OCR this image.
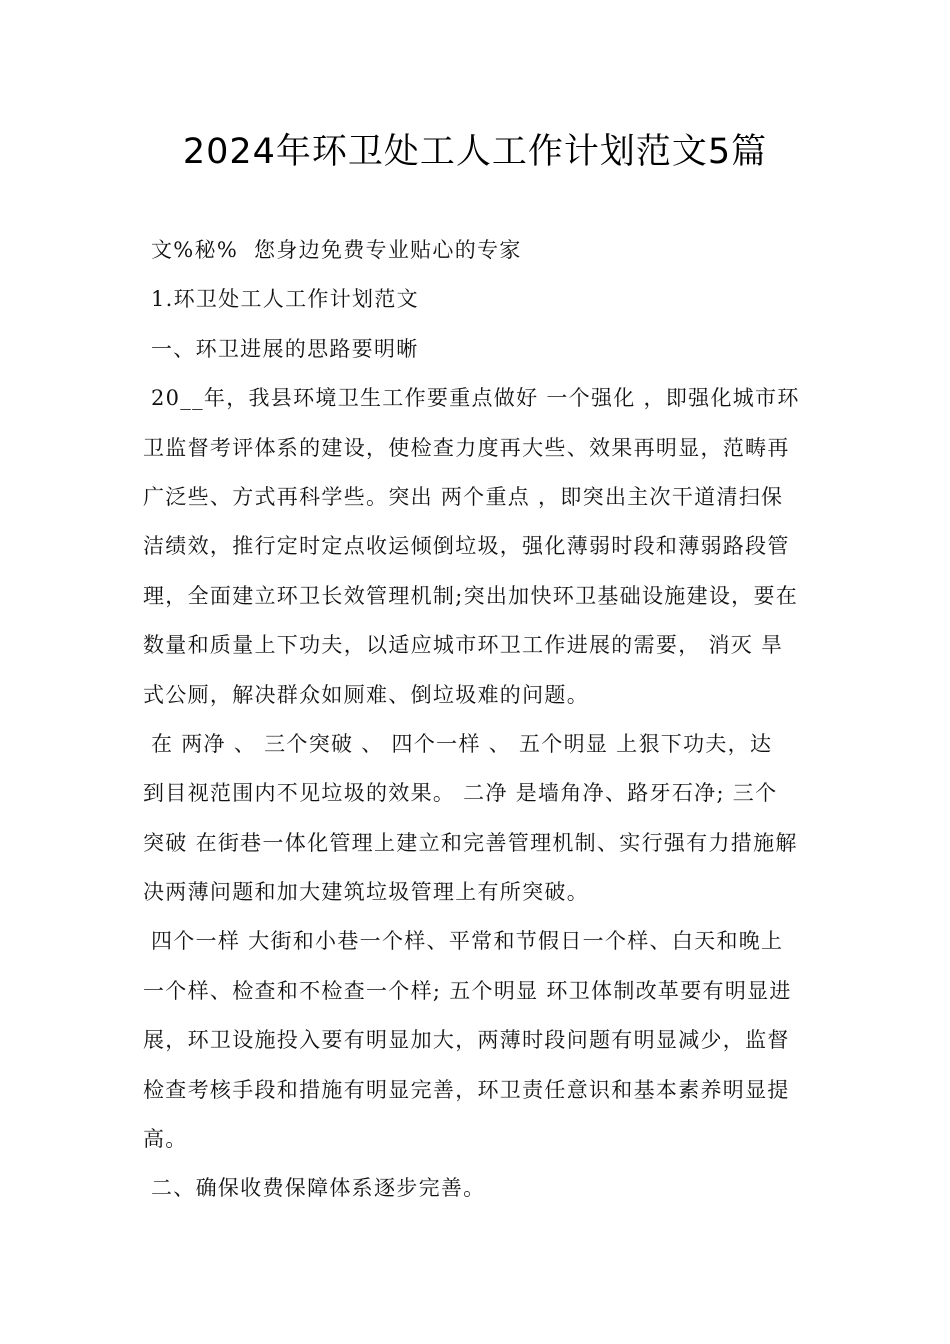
2024年环卫处工人工作计划范文5篇
文%秘%  您身边免费专业贴心的专家
1.环卫处工人工作计划范文
一、环卫进展的思路要明晰
20__年，我县环境卫生工作要重点做好 一个强化 ，即强化城市环
卫监督考评体系的建设，使检查力度再大些、效果再明显，范畴再
广泛些、方式再科学些。突出 两个重点 ，即突出主次干道清扫保
洁绩效，推行定时定点收运倾倒垃圾，强化薄弱时段和薄弱路段管
理，全面建立环卫长效管理机制;突出加快环卫基础设施建设，要在
数量和质量上下功夫，以适应城市环卫工作进展的需要， 消灭 旱
式公厕，解决群众如厕难、倒垃圾难的问题。
在 两净 、 三个突破 、 四个一样 、 五个明显 上狠下功夫，达
到目视范围内不见垃圾的效果。 二净 是墙角净、路牙石净; 三个
突破 在街巷一体化管理上建立和完善管理机制、实行强有力措施解
决两薄问题和加大建筑垃圾管理上有所突破。
四个一样 大街和小巷一个样、平常和节假日一个样、白天和晚上
一个样、检查和不检查一个样; 五个明显 环卫体制改革要有明显进
展，环卫设施投入要有明显加大，两薄时段问题有明显减少，监督
检查考核手段和措施有明显完善，环卫责任意识和基本素养明显提
高。
二、确保收费保障体系逐步完善。
